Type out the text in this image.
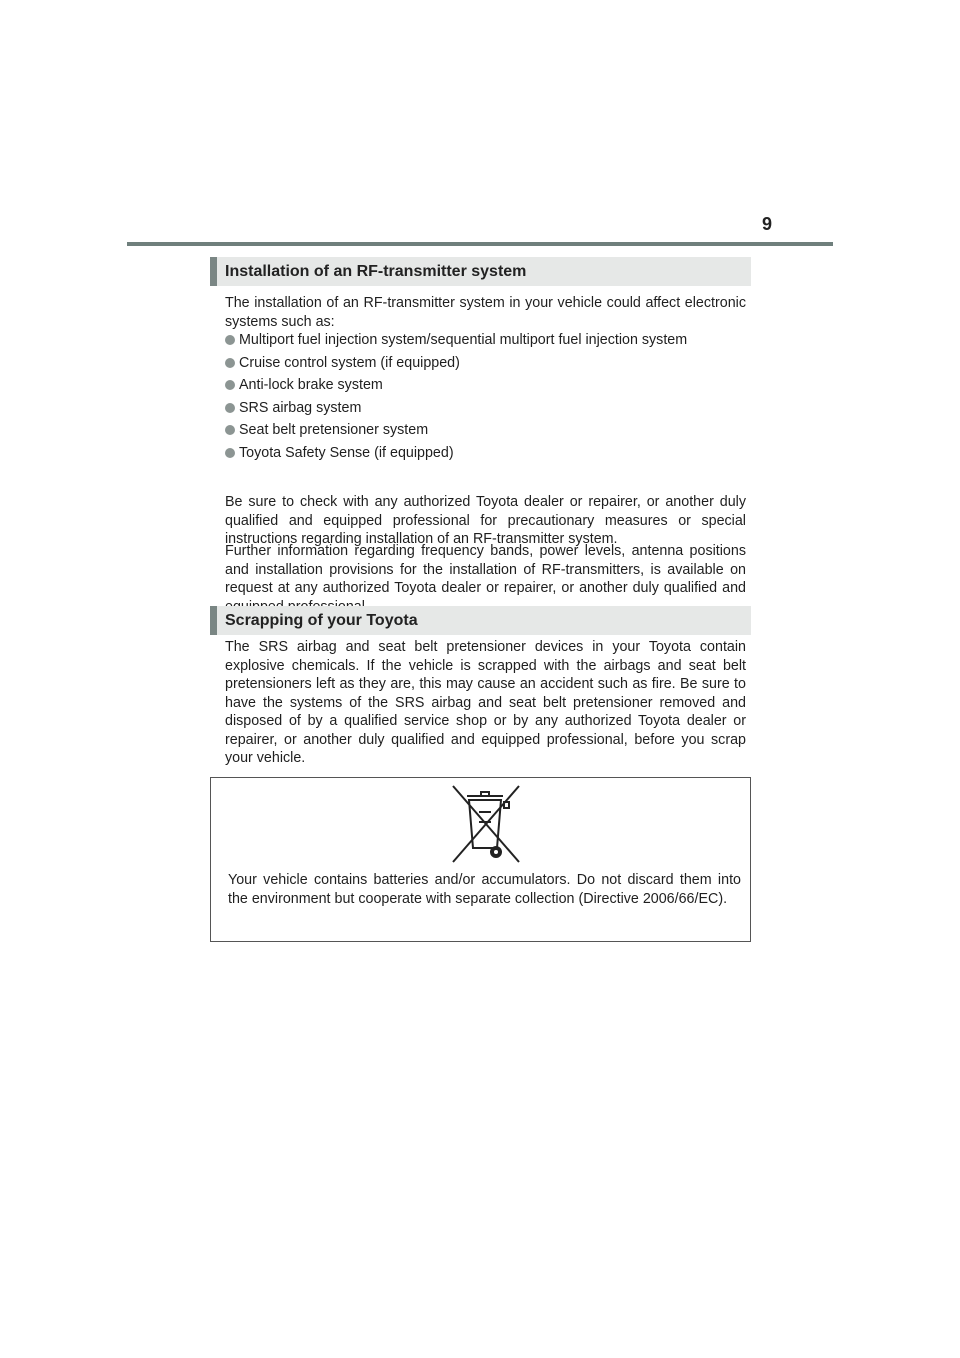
9
Installation of an RF-transmitter system
The installation of an RF-transmitter system in your vehicle could affect electronic systems such as:
Multiport fuel injection system/sequential multiport fuel injection system
Cruise control system (if equipped)
Anti-lock brake system
SRS airbag system
Seat belt pretensioner system
Toyota Safety Sense (if equipped)
Be sure to check with any authorized Toyota dealer or repairer, or another duly qualified and equipped professional for precautionary measures or special instructions regarding installation of an RF-transmitter system.
Further information regarding frequency bands, power levels, antenna positions and installation provisions for the installation of RF-transmitters, is available on request at any authorized Toyota dealer or repairer, or another duly qualified and
Scrapping of your Toyota
The SRS airbag and seat belt pretensioner devices in your Toyota contain explosive chemicals. If the vehicle is scrapped with the airbags and seat belt pretensioners left as they are, this may cause an accident such as fire. Be sure to have the systems of the SRS airbag and seat belt pretensioner removed and disposed of by a qualified service shop or by any authorized Toyota dealer or repairer, or another duly qualified and equipped professional, before you scrap your vehicle.
Your vehicle contains batteries and/or accumulators. Do not discard them into the environment but cooperate with separate collection (Directive 2006/66/EC).
